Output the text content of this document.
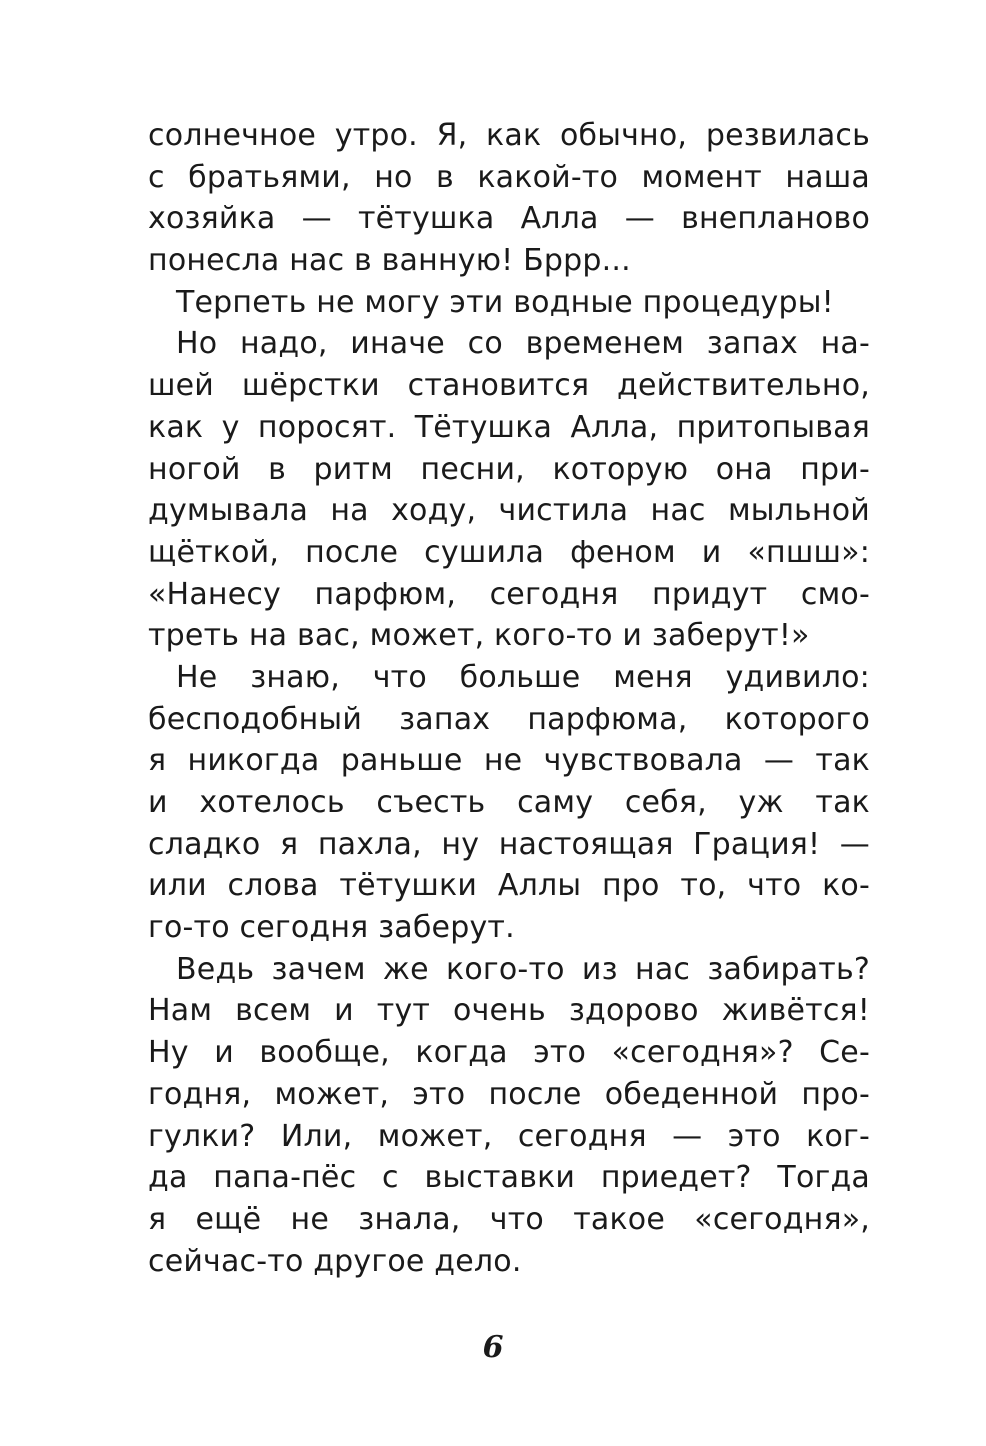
солнечное утро. Я, как обычно, резвилась
с братьями, но в какой-то момент наша
хозяйка — тётушка Алла — внепланово
понесла нас в ванную! Бррр...
Терпеть не могу эти водные процедуры!
Но надо, иначе со временем запах на-
шей шёрстки становится действительно,
как у поросят. Тётушка Алла, притопывая
ногой в ритм песни, которую она при-
думывала на ходу, чистила нас мыльной
щёткой, после сушила феном и «пшш»:
«Нанесу парфюм, сегодня придут смо-
треть на вас, может, кого-то и заберут!»
Не знаю, что больше меня удивило:
бесподобный запах парфюма, которого
я никогда раньше не чувствовала — так
и хотелось съесть саму себя, уж так
сладко я пахла, ну настоящая Грация! —
или слова тётушки Аллы про то, что ко-
го-то сегодня заберут.
Ведь зачем же кого-то из нас забирать?
Нам всем и тут очень здорово живётся!
Ну и вообще, когда это «сегодня»? Се-
годня, может, это после обеденной про-
гулки? Или, может, сегодня — это ког-
да папа-пёс с выставки приедет? Тогда
я ещё не знала, что такое «сегодня»,
сейчас-то другое дело.
6
